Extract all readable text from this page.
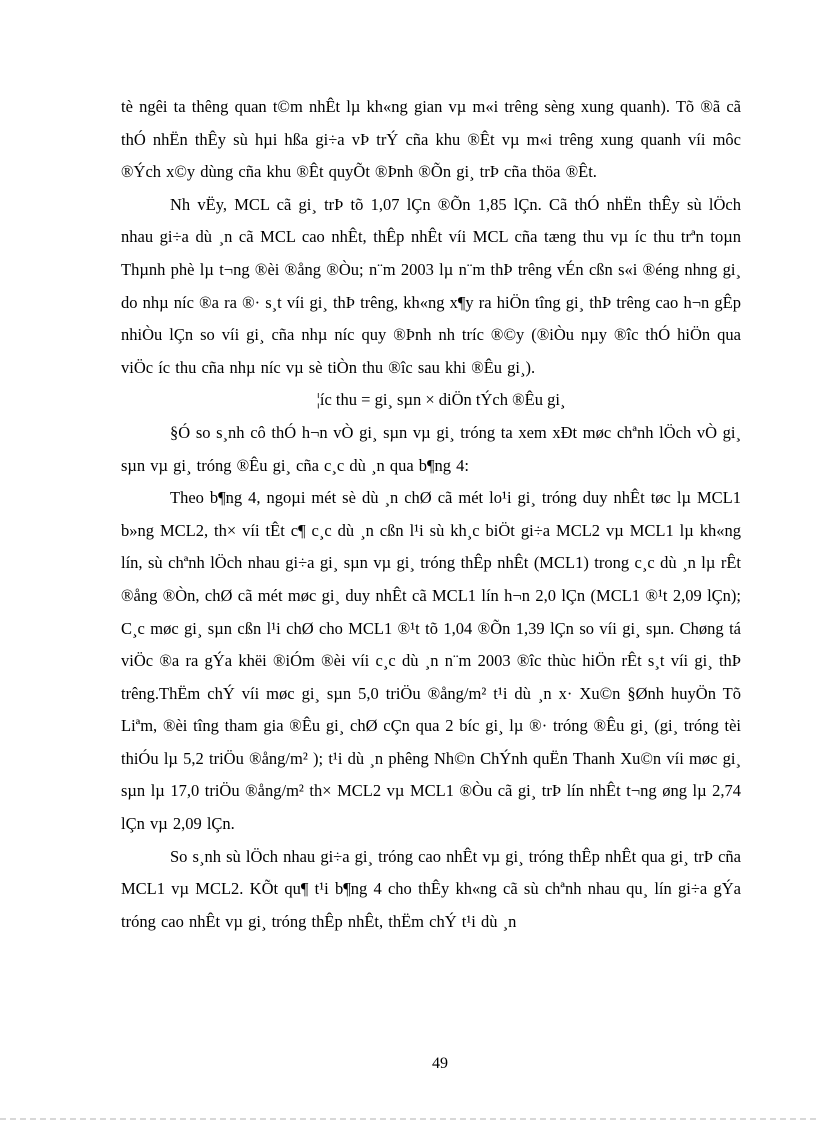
tè ngêi ta thêng quan t©m nhÊt lµ kh«ng gian vµ m«i trêng sèng xung quanh). Tõ ®ã cã thÓ nhËn thÊy sù hµi hßa gi÷a vÞ trÝ cña khu ®Êt vµ m«i trêng xung quanh víi môc ®Ých x©y dùng cña khu ®Êt quyÕt ®Þnh ®Õn gi¸ trÞ cña thöa ®Êt.

Nh vËy, MCL cã gi¸ trÞ tõ 1,07 lÇn ®Õn 1,85 lÇn. Cã thÓ nhËn thÊy sù lÖch nhau gi÷a dù ¸n cã MCL cao nhÊt, thÊp nhÊt víi MCL cña tæng thu vµ íc thu trªn toµn Thµnh phè lµ t¬ng ®èi ®ång ®Òu; n¨m 2003 lµ n¨m thÞ trêng vÉn cßn s«i ®éng nhng gi¸ do nhµ níc ®a ra ®· s¸t víi gi¸ thÞ trêng, kh«ng x¶y ra hiÖn tîng gi¸ thÞ trêng cao h¬n gÊp nhiÒu lÇn so víi gi¸ cña nhµ níc quy ®Þnh nh tríc ®©y (®iÒu nµy ®îc thÓ hiÖn qua viÖc íc thu cña nhµ níc vµ sè tiÒn thu ®îc sau khi ®Êu gi¸).

¦íc thu = gi¸ sµn × diÖn tÝch ®Êu gi¸

§Ó so s¸nh cô thÓ h¬n vÒ gi¸ sµn vµ gi¸ tróng ta xem xÐt møc chªnh lÖch vÒ gi¸ sµn vµ gi¸ tróng ®Êu gi¸ cña c¸c dù ¸n qua b¶ng 4:

Theo b¶ng 4, ngoµi mét sè dù ¸n chØ cã mét lo¹i gi¸ tróng duy nhÊt tøc lµ MCL1 b»ng MCL2, th× víi tÊt c¶ c¸c dù ¸n cßn l¹i sù kh¸c biÖt gi÷a MCL2 vµ MCL1 lµ kh«ng lín, sù chªnh lÖch nhau gi÷a gi¸ sµn vµ gi¸ tróng thÊp nhÊt (MCL1) trong c¸c dù ¸n lµ rÊt ®ång ®Òn, chØ cã mét møc gi¸ duy nhÊt cã MCL1 lín h¬n 2,0 lÇn (MCL1 ®¹t 2,09 lÇn); C¸c møc gi¸ sµn cßn l¹i chØ cho MCL1 ®¹t tõ 1,04 ®Õn 1,39 lÇn so víi gi¸ sµn. Chøng tá viÖc ®a ra gÝa khëi ®iÓm ®èi víi c¸c dù ¸n n¨m 2003 ®îc thùc hiÖn rÊt s¸t víi gi¸ thÞ trêng.ThËm chÝ víi møc gi¸ sµn 5,0 triÖu ®ång/m² t¹i dù ¸n x· Xu©n §Ønh huyÖn Tõ Liªm, ®èi tîng tham gia ®Êu gi¸ chØ cÇn qua 2 bíc gi¸ lµ ®· tróng ®Êu gi¸ (gi¸ tróng tèi thiÓu lµ 5,2 triÖu ®ång/m² ); t¹i dù ¸n phêng Nh©n ChÝnh quËn Thanh Xu©n víi møc gi¸ sµn lµ 17,0 triÖu ®ång/m² th× MCL2 vµ MCL1 ®Òu cã gi¸ trÞ lín nhÊt t¬ng øng lµ 2,74 lÇn vµ 2,09 lÇn.

So s¸nh sù lÖch nhau gi÷a gi¸ tróng cao nhÊt vµ gi¸ tróng thÊp nhÊt qua gi¸ trÞ cña MCL1 vµ MCL2. KÕt qu¶ t¹i b¶ng 4 cho thÊy kh«ng cã sù chªnh nhau qu¸ lín gi÷a gÝa tróng cao nhÊt vµ gi¸ tróng thÊp nhÊt, thËm chÝ t¹i dù ¸n

49
